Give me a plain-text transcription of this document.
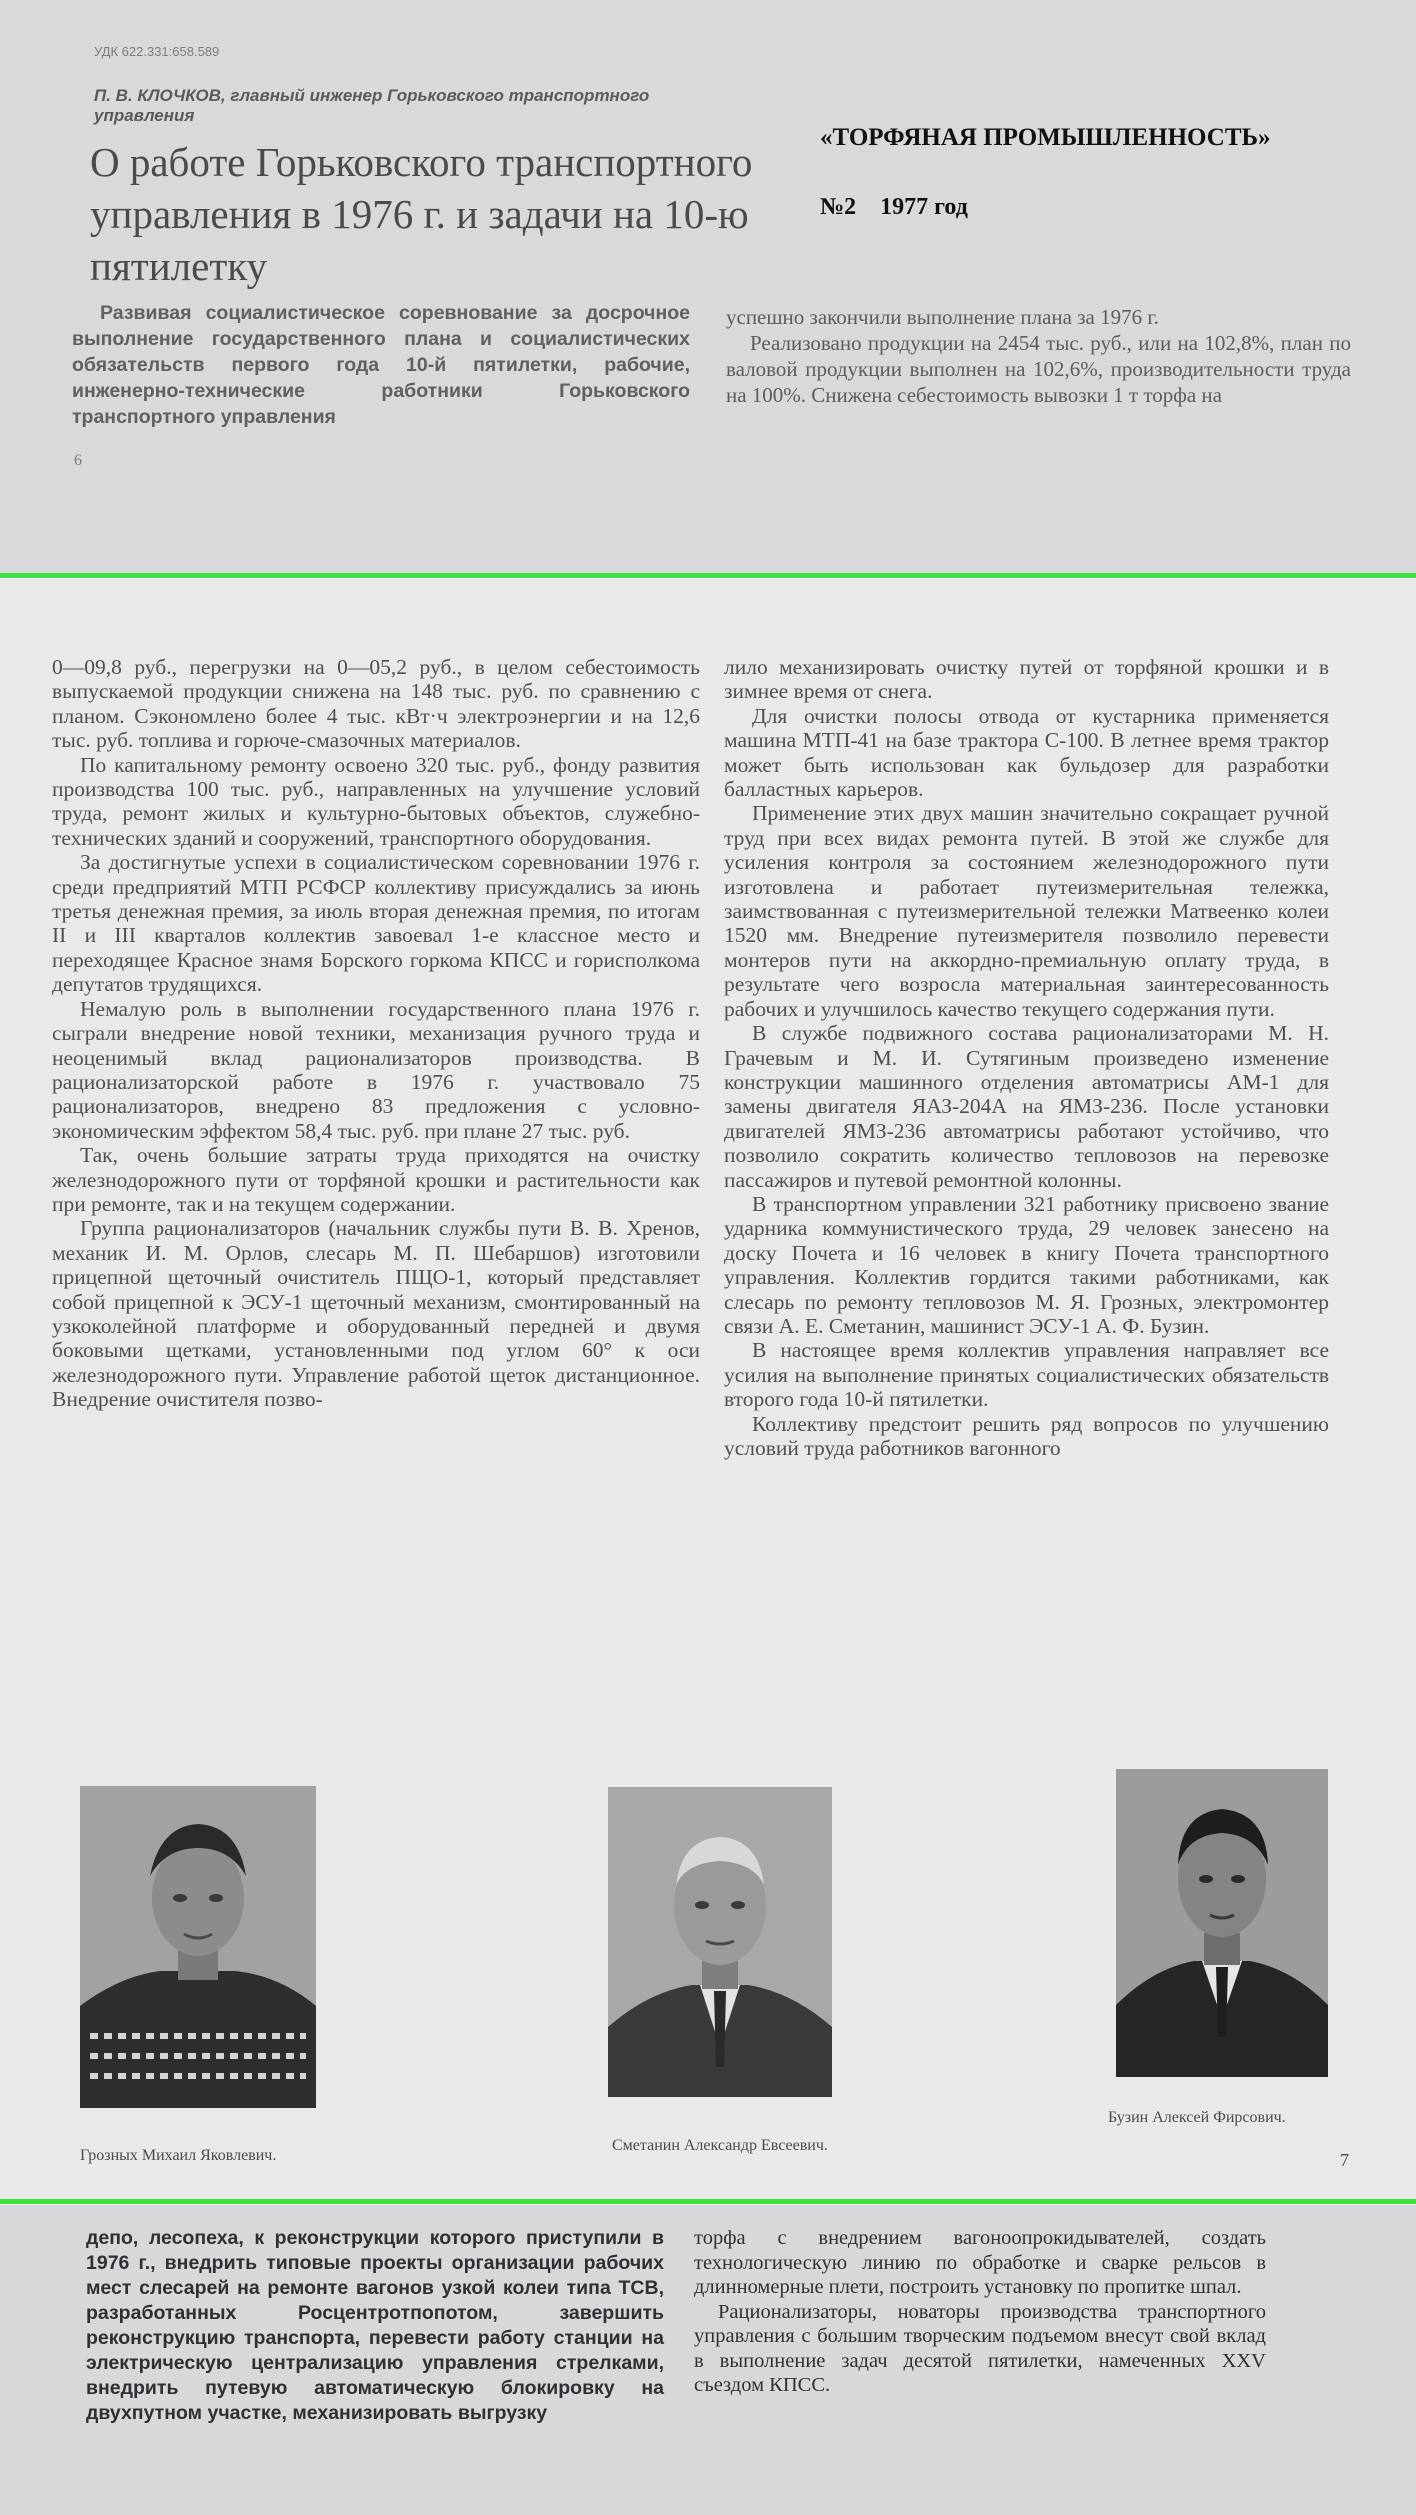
УДК 622.331:658.589
П. В. КЛОЧКОВ, главный инженер Горьковского транспортного управления
О работе Горьковского транспортного управления в 1976 г. и задачи на 10-ю пятилетку
«ТОРФЯНАЯ ПРОМЫШЛЕННОСТЬ»
№2 1977 год
Развивая социалистическое соревнование за досрочное выполнение государственного плана и социалистических обязательств первого года 10-й пятилетки, рабочие, инженерно-технические работники Горьковского транспортного управления

успешно закончили выполнение плана за 1976 г.

Реализовано продукции на 2454 тыс. руб., или на 102,8%, план по валовой продукции выполнен на 102,6%, производительности труда на 100%. Снижена себестоимость вывозки 1 т торфа на

6

0—09,8 руб., перегрузки на 0—05,2 руб., в целом себестоимость выпускаемой продукции снижена на 148 тыс. руб. по сравнению с планом. Сэкономлено более 4 тыс. кВт·ч электроэнергии и на 12,6 тыс. руб. топлива и горюче-смазочных материалов.

По капитальному ремонту освоено 320 тыс. руб., фонду развития производства 100 тыс. руб., направленных на улучшение условий труда, ремонт жилых и культурно-бытовых объектов, служебно-технических зданий и сооружений, транспортного оборудования.

За достигнутые успехи в социалистическом соревновании 1976 г. среди предприятий МТП РСФСР коллективу присуждались за июнь третья денежная премия, за июль вторая денежная премия, по итогам II и III кварталов коллектив завоевал 1-е классное место и переходящее Красное знамя Борского горкома КПСС и горисполкома депутатов трудящихся.

Немалую роль в выполнении государственного плана 1976 г. сыграли внедрение новой техники, механизация ручного труда и неоценимый вклад рационализаторов производства. В рационализаторской работе в 1976 г. участвовало 75 рационализаторов, внедрено 83 предложения с условно-экономическим эффектом 58,4 тыс. руб. при плане 27 тыс. руб.

Так, очень большие затраты труда приходятся на очистку железнодорожного пути от торфяной крошки и растительности как при ремонте, так и на текущем содержании.

Группа рационализаторов (начальник службы пути В. В. Хренов, механик И. М. Орлов, слесарь М. П. Шебаршов) изготовили прицепной щеточный очиститель ПЩО-1, который представляет собой прицепной к ЭСУ-1 щеточный механизм, смонтированный на узкоколейной платформе и оборудованный передней и двумя боковыми щетками, установленными под углом 60° к оси железнодорожного пути. Управление работой щеток дистанционное. Внедрение очистителя позво-

лило механизировать очистку путей от торфяной крошки и в зимнее время от снега.

Для очистки полосы отвода от кустарника применяется машина МТП-41 на базе трактора С-100. В летнее время трактор может быть использован как бульдозер для разработки балластных карьеров.

Применение этих двух машин значительно сокращает ручной труд при всех видах ремонта путей. В этой же службе для усиления контроля за состоянием железнодорожного пути изготовлена и работает путеизмерительная тележка, заимствованная с путеизмерительной тележки Матвеенко колеи 1520 мм. Внедрение путеизмерителя позволило перевести монтеров пути на аккордно-премиальную оплату труда, в результате чего возросла материальная заинтересованность рабочих и улучшилось качество текущего содержания пути.

В службе подвижного состава рационализаторами М. Н. Грачевым и М. И. Сутягиным произведено изменение конструкции машинного отделения автоматрисы АМ-1 для замены двигателя ЯАЗ-204А на ЯМЗ-236. После установки двигателей ЯМЗ-236 автоматрисы работают устойчиво, что позволило сократить количество тепловозов на перевозке пассажиров и путевой ремонтной колонны.

В транспортном управлении 321 работнику присвоено звание ударника коммунистического труда, 29 человек занесено на доску Почета и 16 человек в книгу Почета транспортного управления. Коллектив гордится такими работниками, как слесарь по ремонту тепловозов М. Я. Грозных, электромонтер связи А. Е. Сметанин, машинист ЭСУ-1 А. Ф. Бузин.

В настоящее время коллектив управления направляет все усилия на выполнение принятых социалистических обязательств второго года 10-й пятилетки.

Коллективу предстоит решить ряд вопросов по улучшению условий труда работников вагонного

Грозных Михаил Яковлевич.
Сметанин Александр Евсеевич.
Бузин Алексей Фирсович.
7
депо, лесопеха, к реконструкции которого приступили в 1976 г., внедрить типовые проекты организации рабочих мест слесарей на ремонте вагонов узкой колеи типа ТСВ, разработанных Росцентротпопотом, завершить реконструкцию транспорта, перевести работу станции на электрическую централизацию управления стрелками, внедрить путевую автоматическую блокировку на двухпутном участке, механизировать выгрузку

торфа с внедрением вагоноопрокидывателей, создать технологическую линию по обработке и сварке рельсов в длинномерные плети, построить установку по пропитке шпал.

Рационализаторы, новаторы производства транспортного управления с большим творческим подъемом внесут свой вклад в выполнение задач десятой пятилетки, намеченных XXV съездом КПСС.
